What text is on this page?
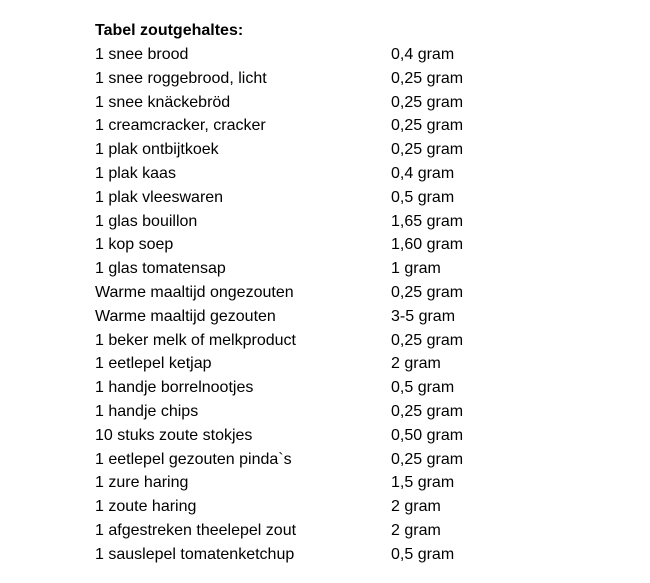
Tabel zoutgehaltes:
1 snee brood	0,4 gram
1 snee roggebrood, licht	0,25 gram
1 snee knäckebröd	0,25 gram
1 creamcracker, cracker	0,25 gram
1 plak ontbijtkoek	0,25 gram
1 plak kaas	0,4 gram
1 plak vleeswaren	0,5 gram
1 glas bouillon	1,65 gram
1 kop soep	1,60 gram
1 glas tomatensap	1 gram
Warme maaltijd ongezouten	0,25 gram
Warme maaltijd gezouten	3-5 gram
1 beker melk of melkproduct	0,25 gram
1 eetlepel ketjap	2 gram
1 handje borrelnootjes	0,5 gram
1 handje chips	0,25 gram
10 stuks zoute stokjes	0,50 gram
1 eetlepel gezouten pinda`s	0,25 gram
1 zure haring	1,5 gram
1 zoute haring	2 gram
1 afgestreken theelepel zout	2 gram
1 sauslepel tomatenketchup	0,5 gram
